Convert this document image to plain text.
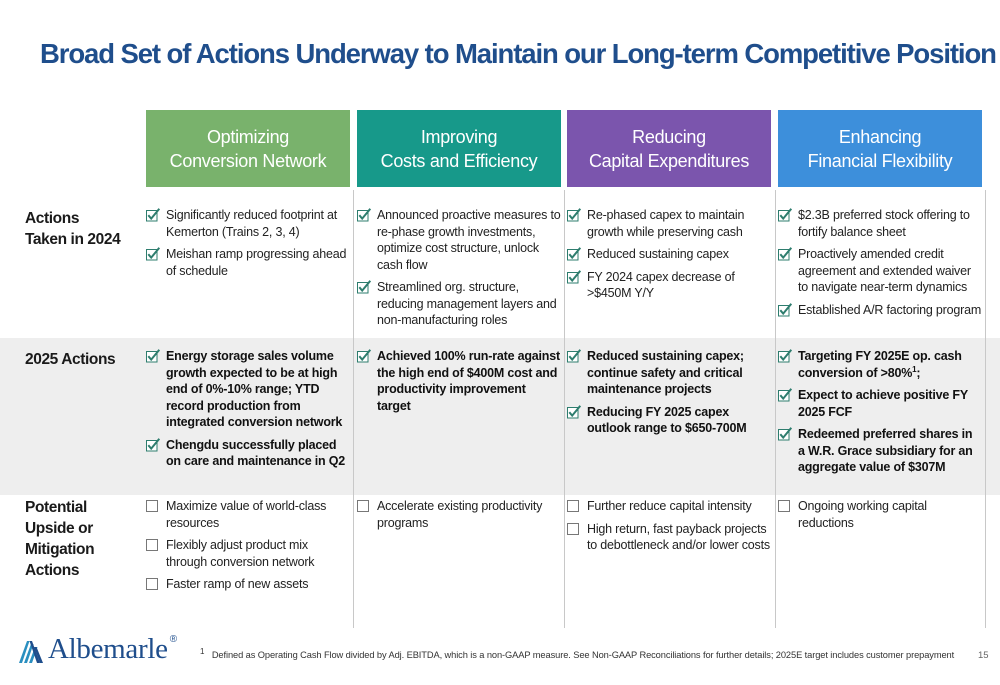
Broad Set of Actions Underway to Maintain our Long-term Competitive Position
Optimizing
Conversion Network
Improving
Costs and Efficiency
Reducing
Capital Expenditures
Enhancing
Financial Flexibility
Actions
Taken in 2024
2025 Actions
Potential
Upside or
Mitigation
Actions
Significantly reduced footprint at Kemerton (Trains 2, 3, 4)
Meishan ramp progressing ahead of schedule
Announced proactive measures to re-phase growth investments, optimize cost structure, unlock cash flow
Streamlined org. structure, reducing management layers and non-manufacturing roles
Re-phased capex to maintain growth while preserving cash
Reduced sustaining capex
FY 2024 capex decrease of >$450M Y/Y
$2.3B preferred stock offering to fortify balance sheet
Proactively amended credit agreement and extended waiver to navigate near-term dynamics
Established A/R factoring program
Energy storage sales volume growth expected to be at high end of 0%-10% range; YTD record production from integrated conversion network
Chengdu successfully placed on care and maintenance in Q2
Achieved 100% run-rate against the high end of $400M cost and productivity improvement target
Reduced sustaining capex; continue safety and critical maintenance projects
Reducing FY 2025 capex outlook range to $650-700M
Targeting FY 2025E op. cash conversion of >80%$^1$;
Expect to achieve positive FY 2025 FCF
Redeemed preferred shares in a W.R. Grace subsidiary for an aggregate value of $307M
Maximize value of world-class resources
Flexibly adjust product mix through conversion network
Faster ramp of new assets
Accelerate existing productivity programs
Further reduce capital intensity
High return, fast payback projects to debottleneck and/or lower costs
Ongoing working capital reductions
Albemarle ®
$^1$ Defined as Operating Cash Flow divided by Adj. EBITDA, which is a non-GAAP measure. See Non-GAAP Reconciliations for further details; 2025E target includes customer prepayment	15
